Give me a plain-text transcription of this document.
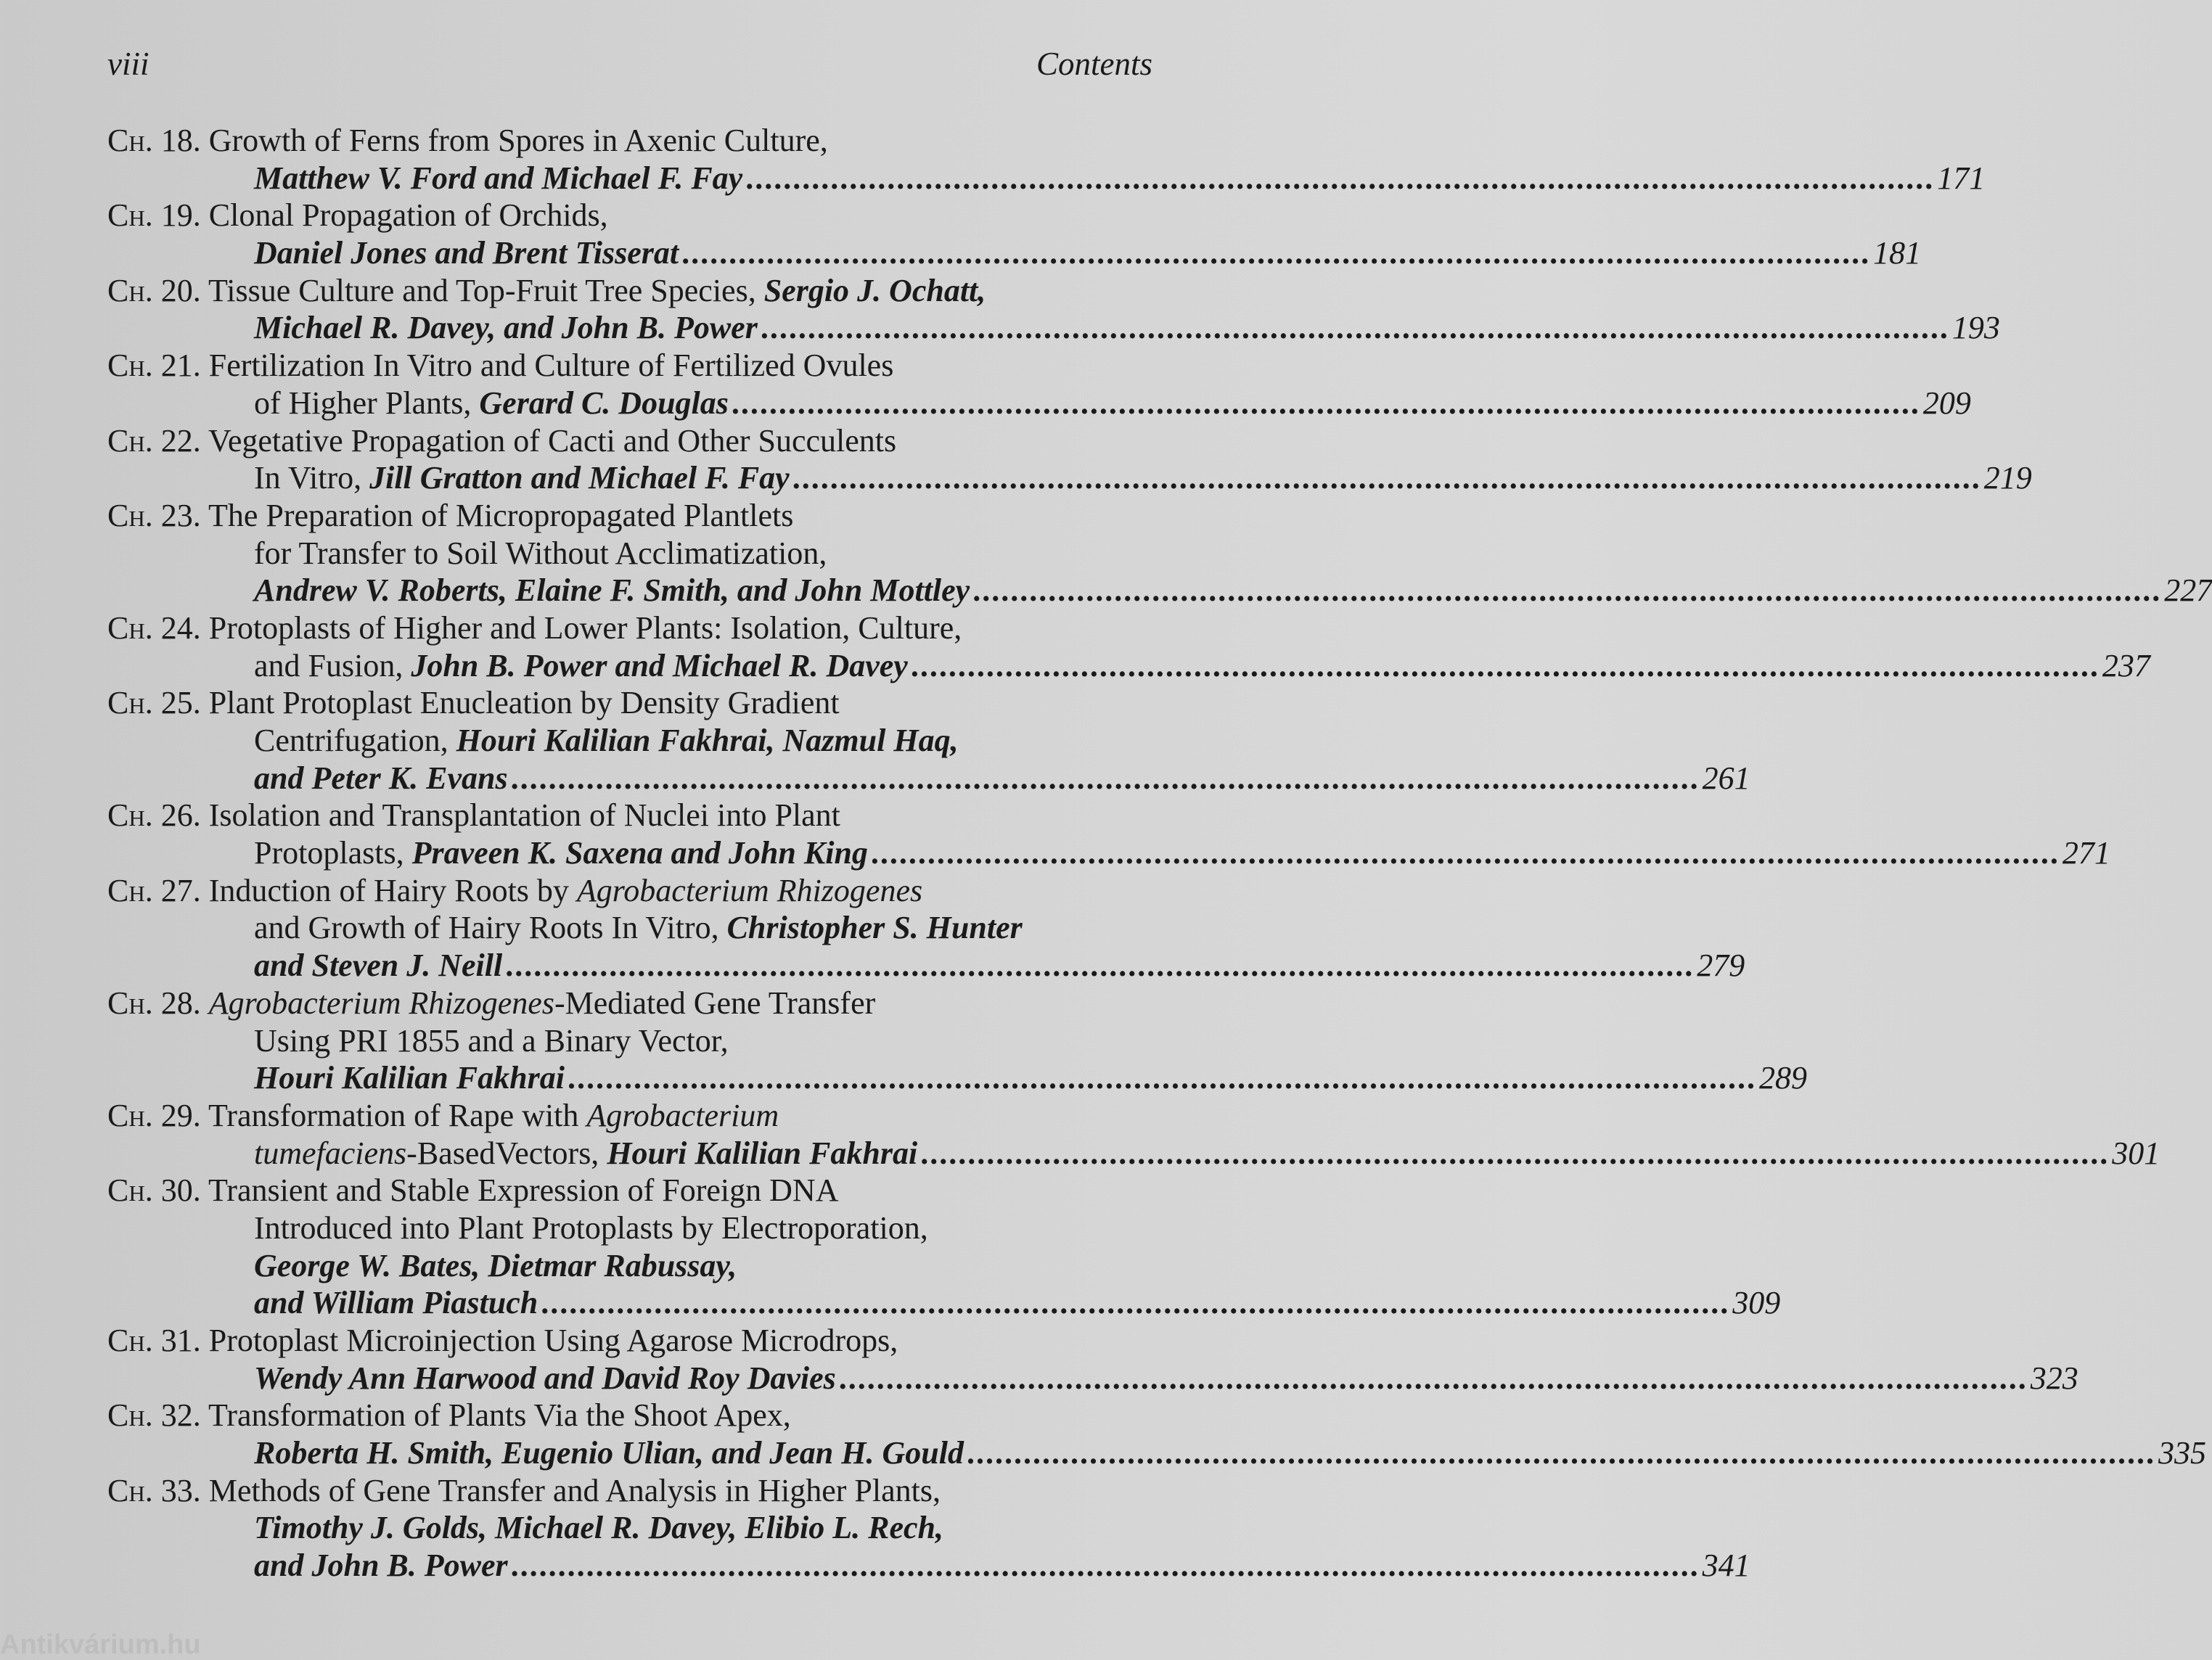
viii	Contents
Ch. 18. Growth of Ferns from Spores in Axenic Culture,
Matthew V. Ford and Michael F. Fay .............................................................................................................................. 171
Ch. 19. Clonal Propagation of Orchids,
Daniel Jones and Brent Tisserat .............................................................................................................................. 181
Ch. 20. Tissue Culture and Top-Fruit Tree Species, Sergio J. Ochatt,
Michael R. Davey, and John B. Power .............................................................................................................................. 193
Ch. 21. Fertilization In Vitro and Culture of Fertilized Ovules
of Higher Plants, Gerard C. Douglas .............................................................................................................................. 209
Ch. 22. Vegetative Propagation of Cacti and Other Succulents
In Vitro, Jill Gratton and Michael F. Fay .............................................................................................................................. 219
Ch. 23. The Preparation of Micropropagated Plantlets
for Transfer to Soil Without Acclimatization,
Andrew V. Roberts, Elaine F. Smith, and John Mottley .............................................................................................................................. 227
Ch. 24. Protoplasts of Higher and Lower Plants: Isolation, Culture,
and Fusion, John B. Power and Michael R. Davey .............................................................................................................................. 237
Ch. 25. Plant Protoplast Enucleation by Density Gradient
Centrifugation, Houri Kalilian Fakhrai, Nazmul Haq,
and Peter K. Evans .............................................................................................................................. 261
Ch. 26. Isolation and Transplantation of Nuclei into Plant
Protoplasts, Praveen K. Saxena and John King .............................................................................................................................. 271
Ch. 27. Induction of Hairy Roots by Agrobacterium Rhizogenes
and Growth of Hairy Roots In Vitro, Christopher S. Hunter
and Steven J. Neill .............................................................................................................................. 279
Ch. 28. Agrobacterium Rhizogenes-Mediated Gene Transfer
Using PRI 1855 and a Binary Vector,
Houri Kalilian Fakhrai .............................................................................................................................. 289
Ch. 29. Transformation of Rape with Agrobacterium
tumefaciens-BasedVectors, Houri Kalilian Fakhrai .............................................................................................................................. 301
Ch. 30. Transient and Stable Expression of Foreign DNA
Introduced into Plant Protoplasts by Electroporation,
George W. Bates, Dietmar Rabussay,
and William Piastuch .............................................................................................................................. 309
Ch. 31. Protoplast Microinjection Using Agarose Microdrops,
Wendy Ann Harwood and David Roy Davies .............................................................................................................................. 323
Ch. 32. Transformation of Plants Via the Shoot Apex,
Roberta H. Smith, Eugenio Ulian, and Jean H. Gould .............................................................................................................................. 335
Ch. 33. Methods of Gene Transfer and Analysis in Higher Plants,
Timothy J. Golds, Michael R. Davey, Elibio L. Rech,
and John B. Power .............................................................................................................................. 341
Antikvárium.hu
